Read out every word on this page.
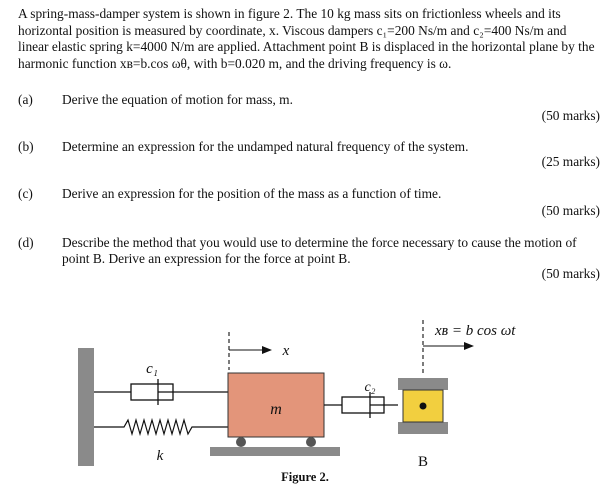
A spring-mass-damper system is shown in figure 2. The 10 kg mass sits on frictionless wheels and its horizontal position is measured by coordinate, x. Viscous dampers c₁=200 Ns/m and c₂=400 Ns/m and linear elastic spring k=4000 N/m are applied. Attachment point B is displaced in the horizontal plane by the harmonic function xʙ=b.cos ωθ, with b=0.020 m, and the driving frequency is ω.
(a) Derive the equation of motion for mass, m.
(50 marks)
(b) Determine an expression for the undamped natural frequency of the system.
(25 marks)
(c) Derive an expression for the position of the mass as a function of time.
(50 marks)
(d) Describe the method that you would use to determine the force necessary to cause the motion of point B. Derive an expression for the force at point B.
(50 marks)
c₁
c₂
k
m
x
B
xʙ = b cos ωt
Figure 2.
